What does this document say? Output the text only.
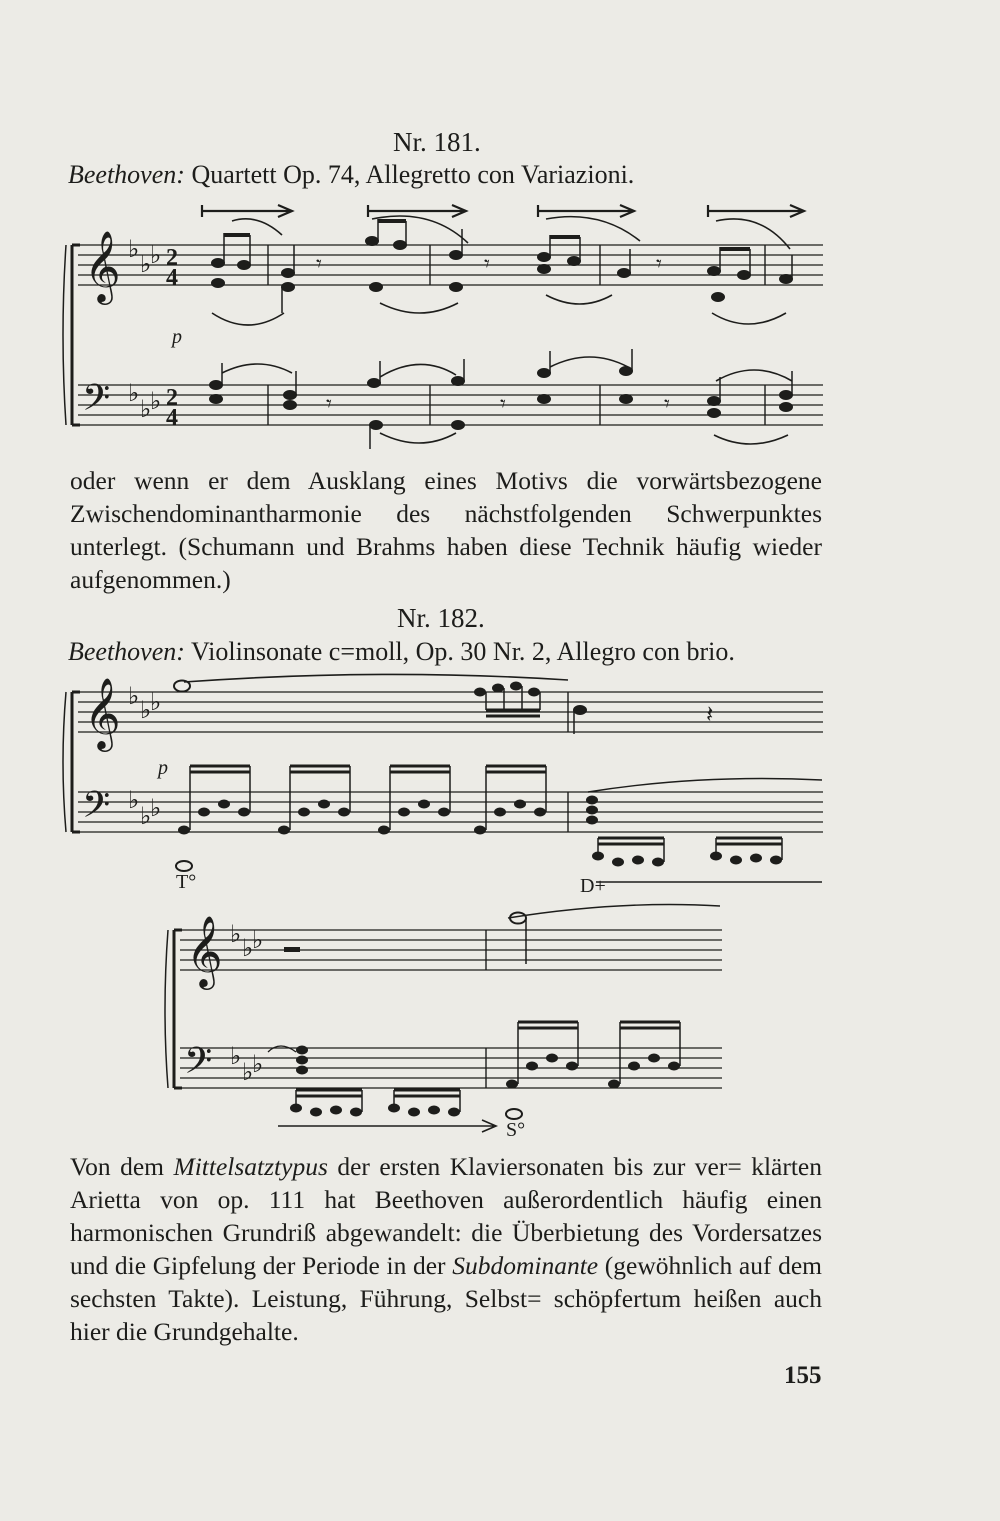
Nr. 181.
Beethoven: Quartett Op. 74, Allegretto con Variazioni.
𝄞
𝄢
♭
♭
♭
♭
♭
♭
2
4
2
4
p
𝄾	𝄾	𝄾
𝄾	𝄾	𝄾

oder wenn er dem Ausklang eines Motivs die vorwärtsbezogene Zwischendominantharmonie des nächstfolgenden Schwerpunktes unterlegt. (Schumann und Brahms haben diese Technik häufig wieder aufgenommen.)

Nr. 182.
Beethoven: Violinsonate c=moll, Op. 30 Nr. 2, Allegro con brio.
𝄞
𝄢
♭
♭
♭
♭
♭
♭
p
𝄽
T°	D+
𝄞
𝄢
♭
♭
♭
♭
♭
♭
S°

Von dem Mittelsatztypus der ersten Klaviersonaten bis zur ver= klärten Arietta von op. 111 hat Beethoven außerordentlich häufig einen harmonischen Grundriß abgewandelt: die Überbietung des Vordersatzes und die Gipfelung der Periode in der Subdominante (gewöhnlich auf dem sechsten Takte). Leistung, Führung, Selbst= schöpfertum heißen auch hier die Grundgehalte.

155
